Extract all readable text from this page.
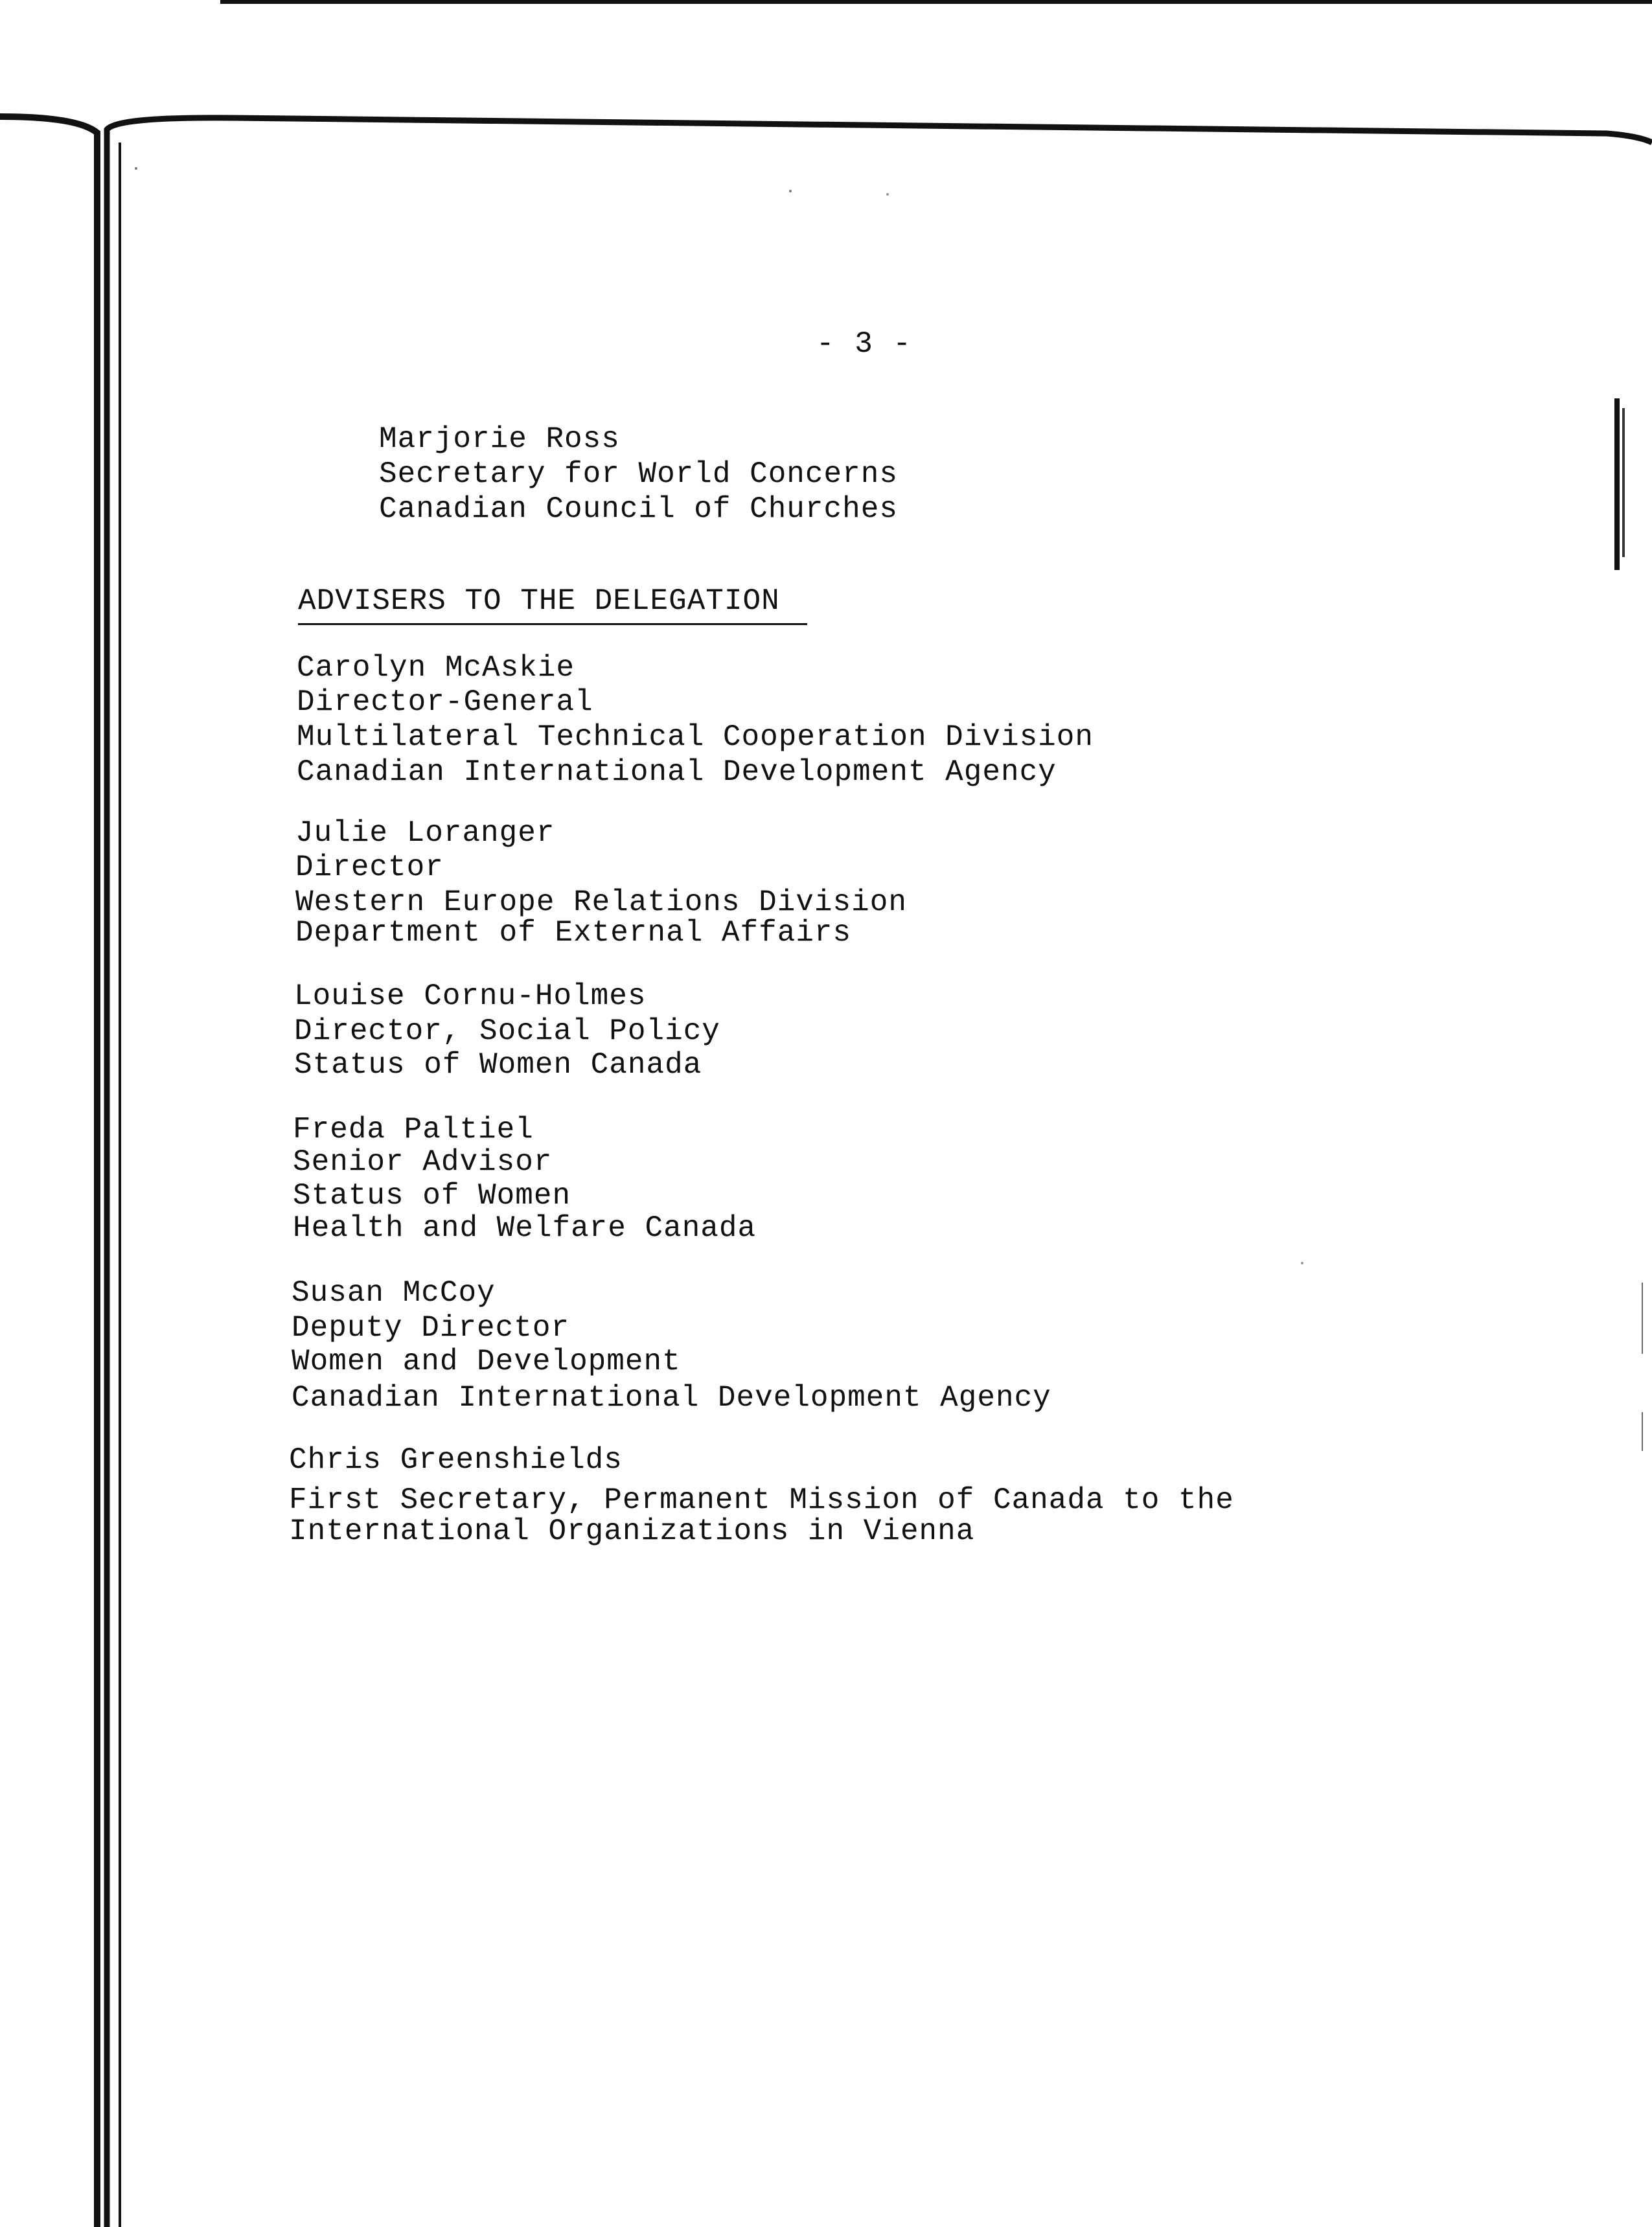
- 3 -
Marjorie Ross
Secretary for World Concerns
Canadian Council of Churches
ADVISERS TO THE DELEGATION
Carolyn McAskie
Director-General
Multilateral Technical Cooperation Division
Canadian International Development Agency
Julie Loranger
Director
Western Europe Relations Division
Department of External Affairs
Louise Cornu-Holmes
Director, Social Policy
Status of Women Canada
Freda Paltiel
Senior Advisor
Status of Women
Health and Welfare Canada
Susan McCoy
Deputy Director
Women and Development
Canadian International Development Agency
Chris Greenshields
First Secretary, Permanent Mission of Canada to the
International Organizations in Vienna
